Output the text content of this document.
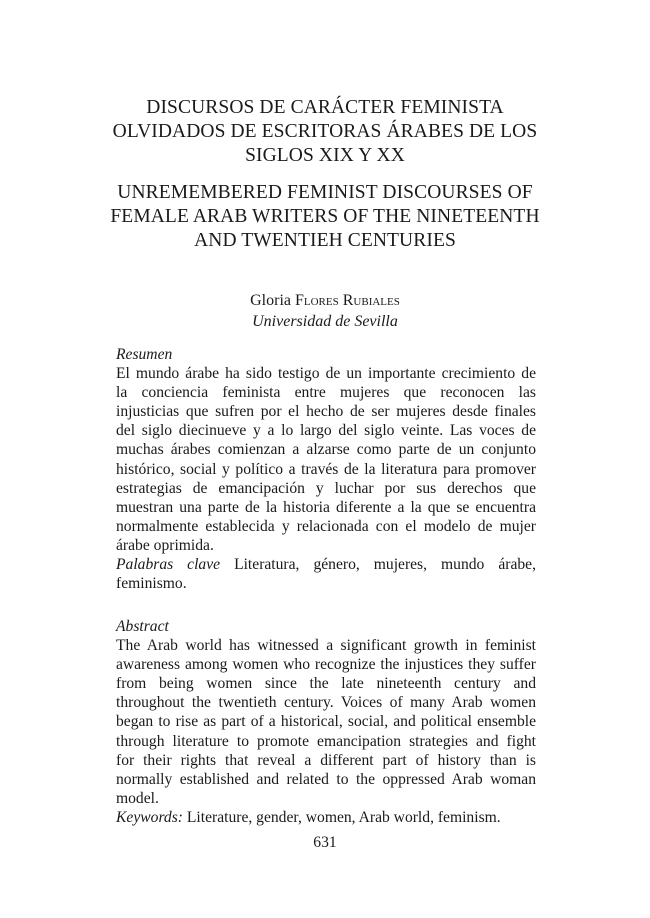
DISCURSOS DE CARÁCTER FEMINISTA
OLVIDADOS DE ESCRITORAS ÁRABES DE LOS
SIGLOS XIX Y XX
UNREMEMBERED FEMINIST DISCOURSES OF
FEMALE ARAB WRITERS OF THE NINETEENTH
AND TWENTIEH CENTURIES
Gloria Flores Rubiales
Universidad de Sevilla
Resumen
El mundo árabe ha sido testigo de un importante crecimiento de
la conciencia feminista entre mujeres que reconocen las
injusticias que sufren por el hecho de ser mujeres desde finales
del siglo diecinueve y a lo largo del siglo veinte. Las voces de
muchas árabes comienzan a alzarse como parte de un conjunto
histórico, social y político a través de la literatura para promover
estrategias de emancipación y luchar por sus derechos que
muestran una parte de la historia diferente a la que se encuentra
normalmente establecida y relacionada con el modelo de mujer
árabe oprimida.
Palabras clave Literatura, género, mujeres, mundo árabe,
feminismo.
Abstract
The Arab world has witnessed a significant growth in feminist
awareness among women who recognize the injustices they suffer
from being women since the late nineteenth century and
throughout the twentieth century. Voices of many Arab women
began to rise as part of a historical, social, and political ensemble
through literature to promote emancipation strategies and fight
for their rights that reveal a different part of history than is
normally established and related to the oppressed Arab woman
model.
Keywords: Literature, gender, women, Arab world, feminism.
631
